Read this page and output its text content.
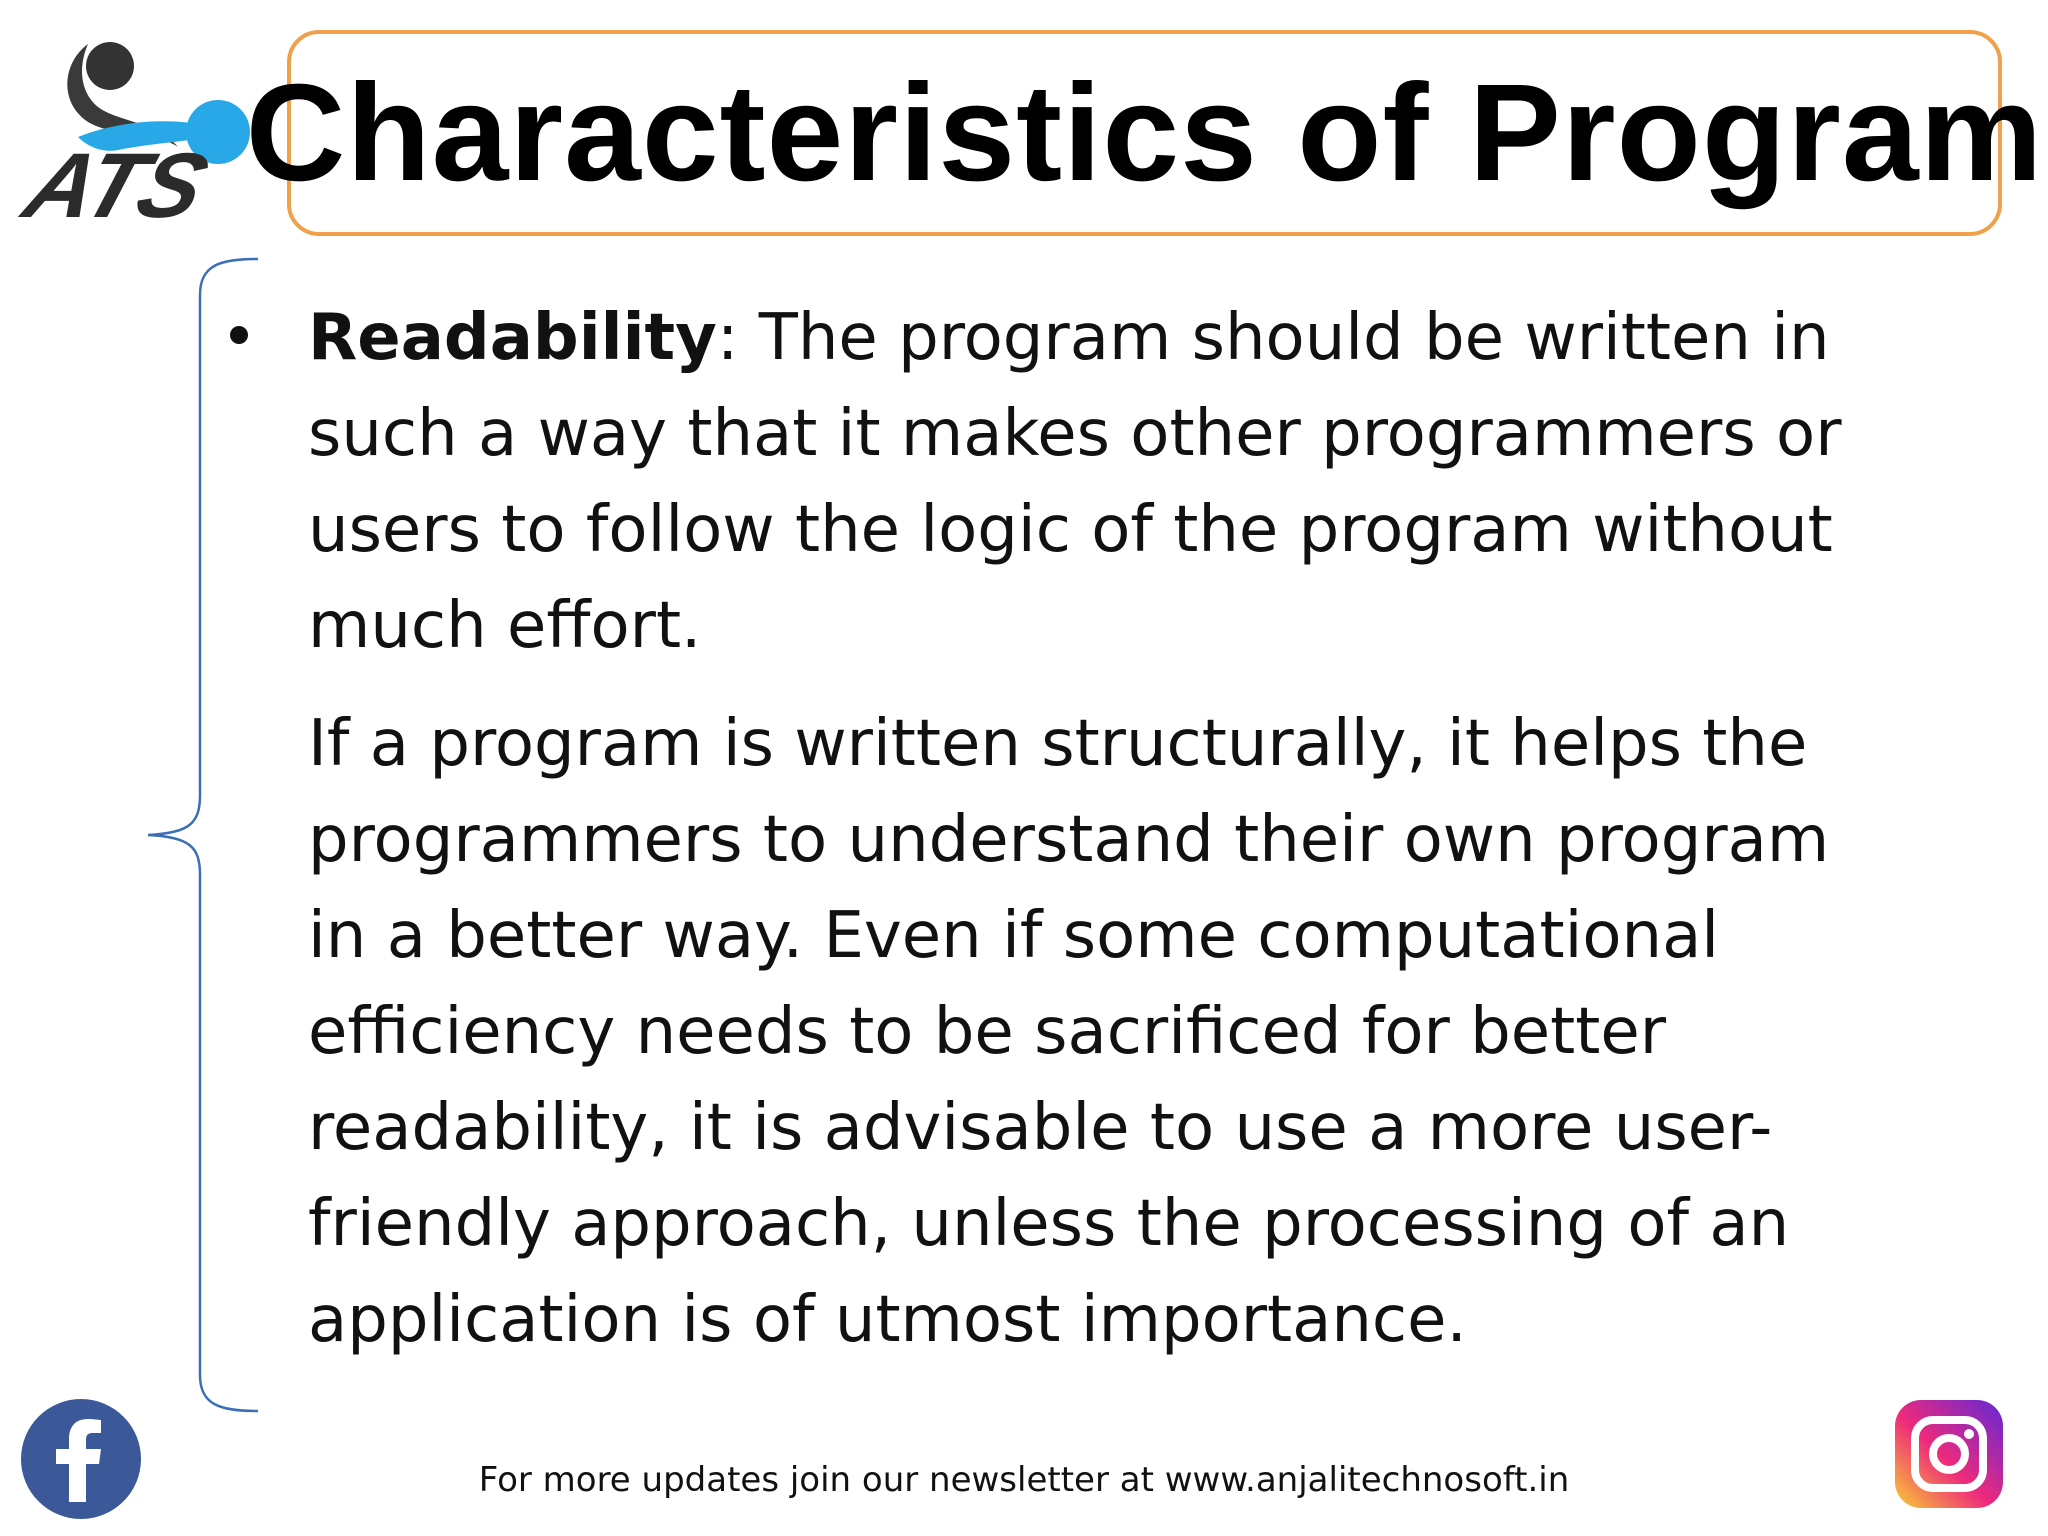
ATS Characteristics of Program
Readability: The program should be written in such a way that it makes other programmers or users to follow the logic of the program without much effort.
If a program is written structurally, it helps the programmers to understand their own program in a better way. Even if some computational efficiency needs to be sacrificed for better readability, it is advisable to use a more user-friendly approach, unless the processing of an application is of utmost importance.
For more updates join our newsletter at www.anjalitechnosoft.in
